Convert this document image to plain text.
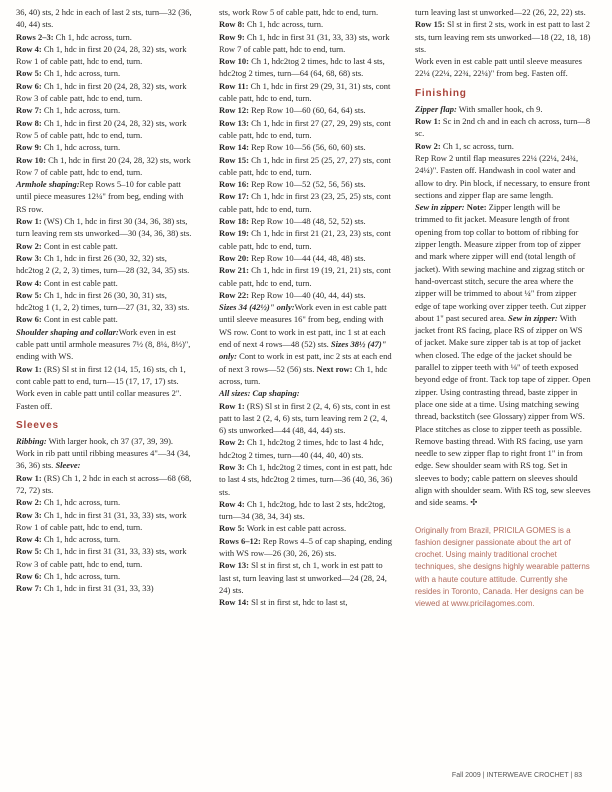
36, 40) sts, 2 hdc in each of last 2 sts, turn—32 (36, 40, 44) sts.

Rows 2–3: Ch 1, hdc across, turn.

Row 4: Ch 1, hdc in first 20 (24, 28, 32) sts, work Row 1 of cable patt, hdc to end, turn.

Row 5: Ch 1, hdc across, turn.

Row 6: Ch 1, hdc in first 20 (24, 28, 32) sts, work Row 3 of cable patt, hdc to end, turn.

Row 7: Ch 1, hdc across, turn.

Row 8: Ch 1, hdc in first 20 (24, 28, 32) sts, work Row 5 of cable patt, hdc to end, turn.

Row 9: Ch 1, hdc across, turn.

Row 10: Ch 1, hdc in first 20 (24, 28, 32) sts, work Row 7 of cable patt, hdc to end, turn.

Armhole shaping:Rep Rows 5–10 for cable patt until piece measures 12¼" from beg, ending with RS row.

Row 1: (WS) Ch 1, hdc in first 30 (34, 36, 38) sts, turn leaving rem sts unworked—30 (34, 36, 38) sts.

Row 2: Cont in est cable patt.

Row 3: Ch 1, hdc in first 26 (30, 32, 32) sts, hdc2tog 2 (2, 2, 3) times, turn—28 (32, 34, 35) sts.

Row 4: Cont in est cable patt.

Row 5: Ch 1, hdc in first 26 (30, 30, 31) sts, hdc2tog 1 (1, 2, 2) times, turn—27 (31, 32, 33) sts.

Row 6: Cont in est cable patt.

Shoulder shaping and collar:Work even in est cable patt until armhole measures 7½ (8, 8¼, 8½)", ending with WS.

Row 1: (RS) Sl st in first 12 (14, 15, 16) sts, ch 1, cont cable patt to end, turn—15 (17, 17, 17) sts.

Work even in cable patt until collar measures 2". Fasten off.

Sleeves

Ribbing: With larger hook, ch 37 (37, 39, 39). Work in rib patt until ribbing measures 4"—34 (34, 36, 36) sts. Sleeve:

Row 1: (RS) Ch 1, 2 hdc in each st across—68 (68, 72, 72) sts.

Row 2: Ch 1, hdc across, turn.

Row 3: Ch 1, hdc in first 31 (31, 33, 33) sts, work Row 1 of cable patt, hdc to end, turn.

Row 4: Ch 1, hdc across, turn.

Row 5: Ch 1, hdc in first 31 (31, 33, 33) sts, work Row 3 of cable patt, hdc to end, turn.

Row 6: Ch 1, hdc across, turn.

Row 7: Ch 1, hdc in first 31 (31, 33, 33)

sts, work Row 5 of cable patt, hdc to end, turn.

Row 8: Ch 1, hdc across, turn.

Row 9: Ch 1, hdc in first 31 (31, 33, 33) sts, work Row 7 of cable patt, hdc to end, turn.

Row 10: Ch 1, hdc2tog 2 times, hdc to last 4 sts, hdc2tog 2 times, turn—64 (64, 68, 68) sts.

Row 11: Ch 1, hdc in first 29 (29, 31, 31) sts, cont cable patt, hdc to end, turn.

Row 12: Rep Row 10—60 (60, 64, 64) sts.

Row 13: Ch 1, hdc in first 27 (27, 29, 29) sts, cont cable patt, hdc to end, turn.

Row 14: Rep Row 10—56 (56, 60, 60) sts.

Row 15: Ch 1, hdc in first 25 (25, 27, 27) sts, cont cable patt, hdc to end, turn.

Row 16: Rep Row 10—52 (52, 56, 56) sts.

Row 17: Ch 1, hdc in first 23 (23, 25, 25) sts, cont cable patt, hdc to end, turn.

Row 18: Rep Row 10—48 (48, 52, 52) sts.

Row 19: Ch 1, hdc in first 21 (21, 23, 23) sts, cont cable patt, hdc to end, turn.

Row 20: Rep Row 10—44 (44, 48, 48) sts.

Row 21: Ch 1, hdc in first 19 (19, 21, 21) sts, cont cable patt, hdc to end, turn.

Row 22: Rep Row 10—40 (40, 44, 44) sts.

Sizes 34 (42½)" only:Work even in est cable patt until sleeve measures 16" from beg, ending with WS row. Cont to work in est patt, inc 1 st at each end of next 4 rows—48 (52) sts. Sizes 38½ (47)" only: Cont to work in est patt, inc 2 sts at each end of next 3 rows—52 (56) sts. Next row: Ch 1, hdc across, turn.

All sizes: Cap shaping:

Row 1: (RS) Sl st in first 2 (2, 4, 6) sts, cont in est patt to last 2 (2, 4, 6) sts, turn leaving rem 2 (2, 4, 6) sts unworked—44 (48, 44, 44) sts.

Row 2: Ch 1, hdc2tog 2 times, hdc to last 4 hdc, hdc2tog 2 times, turn—40 (44, 40, 40) sts.

Row 3: Ch 1, hdc2tog 2 times, cont in est patt, hdc to last 4 sts, hdc2tog 2 times, turn—36 (40, 36, 36) sts.

Row 4: Ch 1, hdc2tog, hdc to last 2 sts, hdc2tog, turn—34 (38, 34, 34) sts.

Row 5: Work in est cable patt across.

Rows 6–12: Rep Rows 4–5 of cap shaping, ending with WS row—26 (30, 26, 26) sts.

Row 13: Sl st in first st, ch 1, work in est patt to last st, turn leaving last st unworked—24 (28, 24, 24) sts.

Row 14: Sl st in first st, hdc to last st,

turn leaving last st unworked—22 (26, 22, 22) sts.

Row 15: Sl st in first 2 sts, work in est patt to last 2 sts, turn leaving rem sts unworked—18 (22, 18, 18) sts.

Work even in est cable patt until sleeve measures 22¼ (22¼, 22¾, 22¼)" from beg. Fasten off.

Finishing

Zipper flap: With smaller hook, ch 9.

Row 1: Sc in 2nd ch and in each ch across, turn—8 sc.

Row 2: Ch 1, sc across, turn.

Rep Row 2 until flap measures 22¼ (22¼, 24¾, 24¼)". Fasten off. Handwash in cool water and allow to dry. Pin block, if necessary, to ensure front sections and zipper flap are same length.

Sew in zipper: Note: Zipper length will be trimmed to fit jacket. Measure length of front opening from top collar to bottom of ribbing for zipper length. Measure zipper from top of zipper and mark where zipper will end (total length of jacket). With sewing machine and zigzag stitch or hand-overcast stitch, secure the area where the zipper will be trimmed to about ¼" from zipper edge of tape working over zipper teeth. Cut zipper about 1" past secured area. Sew in zipper: With jacket front RS facing, place RS of zipper on WS of jacket. Make sure zipper tab is at top of jacket when closed. The edge of the jacket should be parallel to zipper teeth with ⅛" of teeth exposed beyond edge of front. Tack top tape of zipper. Open zipper. Using contrasting thread, baste zipper in place one side at a time. Using matching sewing thread, backstitch (see Glossary) zipper from WS. Place stitches as close to zipper teeth as possible. Remove basting thread. With RS facing, use yarn needle to sew zipper flap to right front 1" in from edge. Sew shoulder seam with RS tog. Set in sleeves to body; cable pattern on sleeves should align with shoulder seam. With RS tog, sew sleeves and side seams. ✣

Originally from Brazil, PRICILA GOMES is a fashion designer passionate about the art of crochet. Using mainly traditional crochet techniques, she designs highly wearable patterns with a haute couture attitude. Currently she resides in Toronto, Canada. Her designs can be viewed at www.pricilagomes.com.

Fall 2009 | INTERWEAVE CROCHET | 83
